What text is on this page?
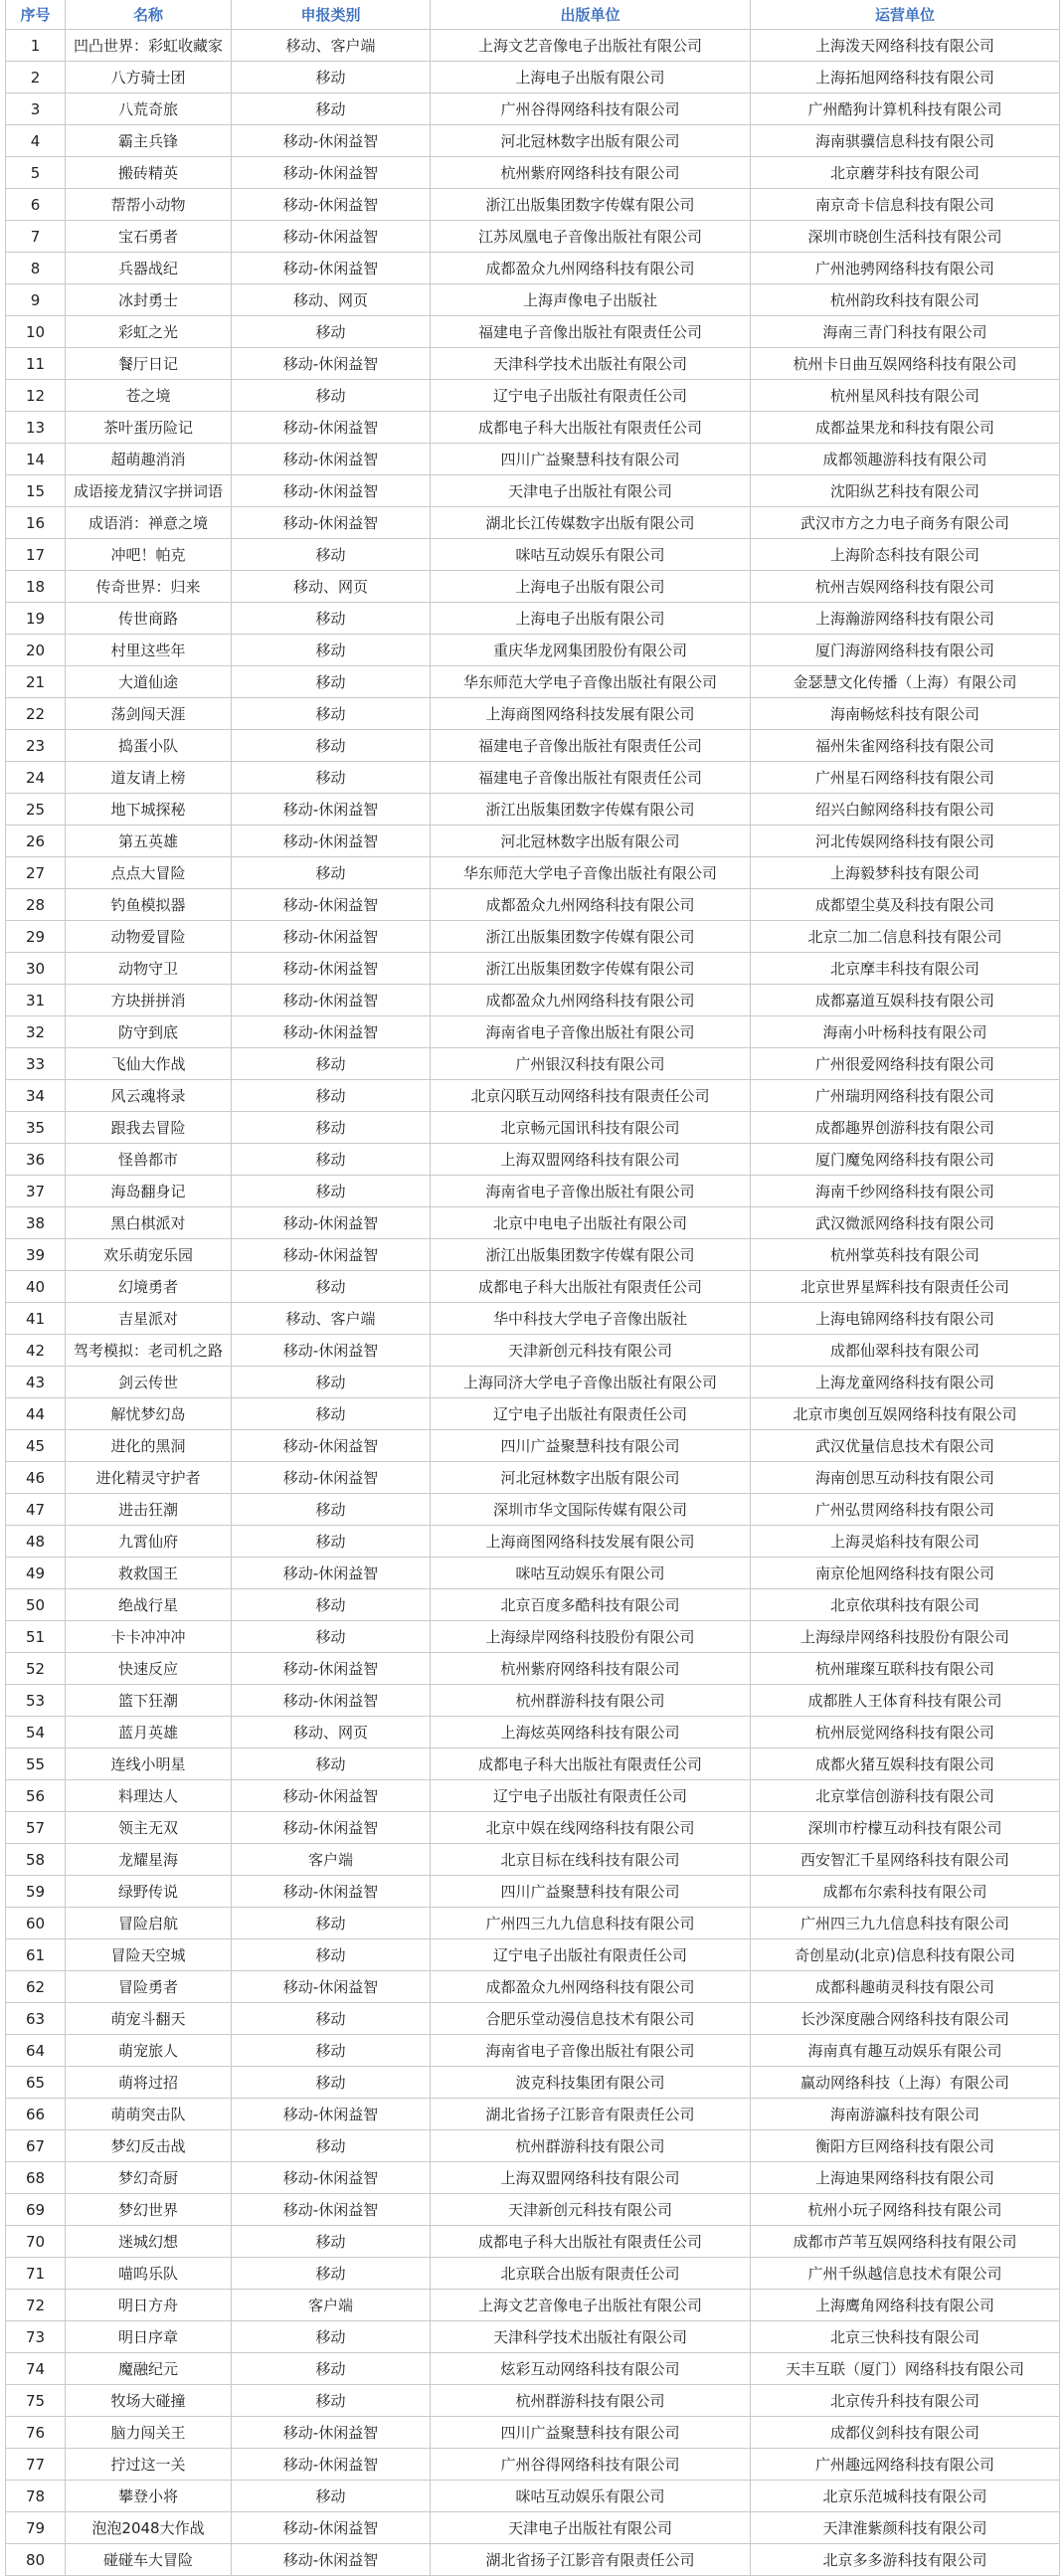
序号	名称	申报类别	出版单位	运营单位
1	凹凸世界：彩虹收藏家	移动、客户端	上海文艺音像电子出版社有限公司	上海泼天网络科技有限公司
2	八方骑士团	移动	上海电子出版有限公司	上海拓旭网络科技有限公司
3	八荒奇旅	移动	广州谷得网络科技有限公司	广州酷狗计算机科技有限公司
4	霸主兵锋	移动-休闲益智	河北冠林数字出版有限公司	海南骐骥信息科技有限公司
5	搬砖精英	移动-休闲益智	杭州紫府网络科技有限公司	北京蘑芽科技有限公司
6	帮帮小动物	移动-休闲益智	浙江出版集团数字传媒有限公司	南京奇卡信息科技有限公司
7	宝石勇者	移动-休闲益智	江苏凤凰电子音像出版社有限公司	深圳市晓创生活科技有限公司
8	兵器战纪	移动-休闲益智	成都盈众九州网络科技有限公司	广州池骋网络科技有限公司
9	冰封勇士	移动、网页	上海声像电子出版社	杭州韵玫科技有限公司
10	彩虹之光	移动	福建电子音像出版社有限责任公司	海南三青门科技有限公司
11	餐厅日记	移动-休闲益智	天津科学技术出版社有限公司	杭州卡日曲互娱网络科技有限公司
12	苍之境	移动	辽宁电子出版社有限责任公司	杭州星风科技有限公司
13	茶叶蛋历险记	移动-休闲益智	成都电子科大出版社有限责任公司	成都益果龙和科技有限公司
14	超萌趣消消	移动-休闲益智	四川广益聚慧科技有限公司	成都领趣游科技有限公司
15	成语接龙猜汉字拼词语	移动-休闲益智	天津电子出版社有限公司	沈阳纵艺科技有限公司
16	成语消：禅意之境	移动-休闲益智	湖北长江传媒数字出版有限公司	武汉市方之力电子商务有限公司
17	冲吧！帕克	移动	咪咕互动娱乐有限公司	上海阶态科技有限公司
18	传奇世界：归来	移动、网页	上海电子出版有限公司	杭州吉娱网络科技有限公司
19	传世商路	移动	上海电子出版有限公司	上海瀚游网络科技有限公司
20	村里这些年	移动	重庆华龙网集团股份有限公司	厦门海游网络科技有限公司
21	大道仙途	移动	华东师范大学电子音像出版社有限公司	金瑟慧文化传播（上海）有限公司
22	荡剑闯天涯	移动	上海商图网络科技发展有限公司	海南畅炫科技有限公司
23	捣蛋小队	移动	福建电子音像出版社有限责任公司	福州朱雀网络科技有限公司
24	道友请上榜	移动	福建电子音像出版社有限责任公司	广州星石网络科技有限公司
25	地下城探秘	移动-休闲益智	浙江出版集团数字传媒有限公司	绍兴白鲸网络科技有限公司
26	第五英雄	移动-休闲益智	河北冠林数字出版有限公司	河北传娱网络科技有限公司
27	点点大冒险	移动	华东师范大学电子音像出版社有限公司	上海毅梦科技有限公司
28	钓鱼模拟器	移动-休闲益智	成都盈众九州网络科技有限公司	成都望尘莫及科技有限公司
29	动物爱冒险	移动-休闲益智	浙江出版集团数字传媒有限公司	北京二加二信息科技有限公司
30	动物守卫	移动-休闲益智	浙江出版集团数字传媒有限公司	北京摩丰科技有限公司
31	方块拼拼消	移动-休闲益智	成都盈众九州网络科技有限公司	成都嘉道互娱科技有限公司
32	防守到底	移动-休闲益智	海南省电子音像出版社有限公司	海南小叶杨科技有限公司
33	飞仙大作战	移动	广州银汉科技有限公司	广州很爱网络科技有限公司
34	风云魂将录	移动	北京闪联互动网络科技有限责任公司	广州瑞玥网络科技有限公司
35	跟我去冒险	移动	北京畅元国讯科技有限公司	成都趣界创游科技有限公司
36	怪兽都市	移动	上海双盟网络科技有限公司	厦门魔兔网络科技有限公司
37	海岛翻身记	移动	海南省电子音像出版社有限公司	海南千纱网络科技有限公司
38	黑白棋派对	移动-休闲益智	北京中电电子出版社有限公司	武汉微派网络科技有限公司
39	欢乐萌宠乐园	移动-休闲益智	浙江出版集团数字传媒有限公司	杭州掌英科技有限公司
40	幻境勇者	移动	成都电子科大出版社有限责任公司	北京世界星辉科技有限责任公司
41	吉星派对	移动、客户端	华中科技大学电子音像出版社	上海电锦网络科技有限公司
42	驾考模拟：老司机之路	移动-休闲益智	天津新创元科技有限公司	成都仙翠科技有限公司
43	剑云传世	移动	上海同济大学电子音像出版社有限公司	上海龙童网络科技有限公司
44	解忧梦幻岛	移动	辽宁电子出版社有限责任公司	北京市奥创互娱网络科技有限公司
45	进化的黑洞	移动-休闲益智	四川广益聚慧科技有限公司	武汉优量信息技术有限公司
46	进化精灵守护者	移动-休闲益智	河北冠林数字出版有限公司	海南创思互动科技有限公司
47	进击狂潮	移动	深圳市华文国际传媒有限公司	广州弘贯网络科技有限公司
48	九霄仙府	移动	上海商图网络科技发展有限公司	上海灵焰科技有限公司
49	救救国王	移动-休闲益智	咪咕互动娱乐有限公司	南京伦旭网络科技有限公司
50	绝战行星	移动	北京百度多酷科技有限公司	北京依琪科技有限公司
51	卡卡冲冲冲	移动	上海绿岸网络科技股份有限公司	上海绿岸网络科技股份有限公司
52	快速反应	移动-休闲益智	杭州紫府网络科技有限公司	杭州璀璨互联科技有限公司
53	篮下狂潮	移动-休闲益智	杭州群游科技有限公司	成都胜人王体育科技有限公司
54	蓝月英雄	移动、网页	上海炫英网络科技有限公司	杭州辰觉网络科技有限公司
55	连线小明星	移动	成都电子科大出版社有限责任公司	成都火猪互娱科技有限公司
56	料理达人	移动-休闲益智	辽宁电子出版社有限责任公司	北京掌信创游科技有限公司
57	领主无双	移动-休闲益智	北京中娱在线网络科技有限公司	深圳市柠檬互动科技有限公司
58	龙耀星海	客户端	北京目标在线科技有限公司	西安智汇千星网络科技有限公司
59	绿野传说	移动-休闲益智	四川广益聚慧科技有限公司	成都布尔索科技有限公司
60	冒险启航	移动	广州四三九九信息科技有限公司	广州四三九九信息科技有限公司
61	冒险天空城	移动	辽宁电子出版社有限责任公司	奇创星动(北京)信息科技有限公司
62	冒险勇者	移动-休闲益智	成都盈众九州网络科技有限公司	成都科趣萌灵科技有限公司
63	萌宠斗翻天	移动	合肥乐堂动漫信息技术有限公司	长沙深度融合网络科技有限公司
64	萌宠旅人	移动	海南省电子音像出版社有限公司	海南真有趣互动娱乐有限公司
65	萌将过招	移动	波克科技集团有限公司	赢动网络科技（上海）有限公司
66	萌萌突击队	移动-休闲益智	湖北省扬子江影音有限责任公司	海南游瀛科技有限公司
67	梦幻反击战	移动	杭州群游科技有限公司	衡阳方巨网络科技有限公司
68	梦幻奇厨	移动-休闲益智	上海双盟网络科技有限公司	上海迪果网络科技有限公司
69	梦幻世界	移动-休闲益智	天津新创元科技有限公司	杭州小玩子网络科技有限公司
70	迷城幻想	移动	成都电子科大出版社有限责任公司	成都市芦苇互娱网络科技有限公司
71	喵呜乐队	移动	北京联合出版有限责任公司	广州千纵越信息技术有限公司
72	明日方舟	客户端	上海文艺音像电子出版社有限公司	上海鹰角网络科技有限公司
73	明日序章	移动	天津科学技术出版社有限公司	北京三快科技有限公司
74	魔融纪元	移动	炫彩互动网络科技有限公司	天丰互联（厦门）网络科技有限公司
75	牧场大碰撞	移动	杭州群游科技有限公司	北京传升科技有限公司
76	脑力闯关王	移动-休闲益智	四川广益聚慧科技有限公司	成都仪剑科技有限公司
77	拧过这一关	移动-休闲益智	广州谷得网络科技有限公司	广州趣远网络科技有限公司
78	攀登小将	移动	咪咕互动娱乐有限公司	北京乐范城科技有限公司
79	泡泡2048大作战	移动-休闲益智	天津电子出版社有限公司	天津淮紫颜科技有限公司
80	碰碰车大冒险	移动-休闲益智	湖北省扬子江影音有限责任公司	北京多多游科技有限公司
